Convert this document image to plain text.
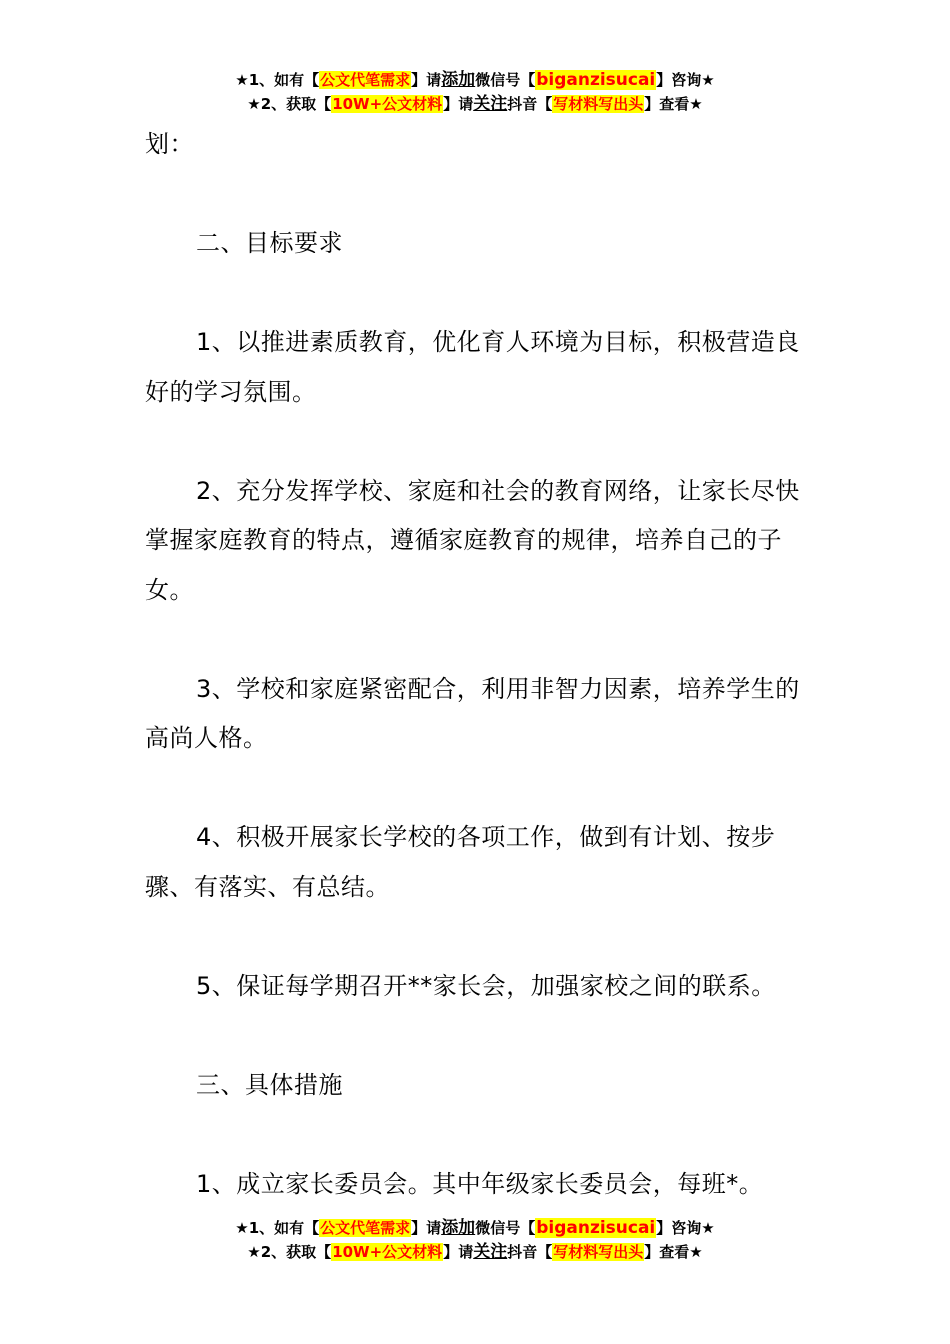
★1、如有【公文代笔需求】请添加微信号【biganzisucai】咨询★
★2、获取【10W+公文材料】请关注抖音【写材料写出头】查看★

划：

二、目标要求

1、以推进素质教育，优化育人环境为目标，积极营造良好的学习氛围。

2、充分发挥学校、家庭和社会的教育网络，让家长尽快掌握家庭教育的特点，遵循家庭教育的规律，培养自己的子女。

3、学校和家庭紧密配合，利用非智力因素，培养学生的高尚人格。

4、积极开展家长学校的各项工作，做到有计划、按步骤、有落实、有总结。

5、保证每学期召开**家长会，加强家校之间的联系。

三、具体措施

1、成立家长委员会。其中年级家长委员会，每班*。

★1、如有【公文代笔需求】请添加微信号【biganzisucai】咨询★
★2、获取【10W+公文材料】请关注抖音【写材料写出头】查看★
